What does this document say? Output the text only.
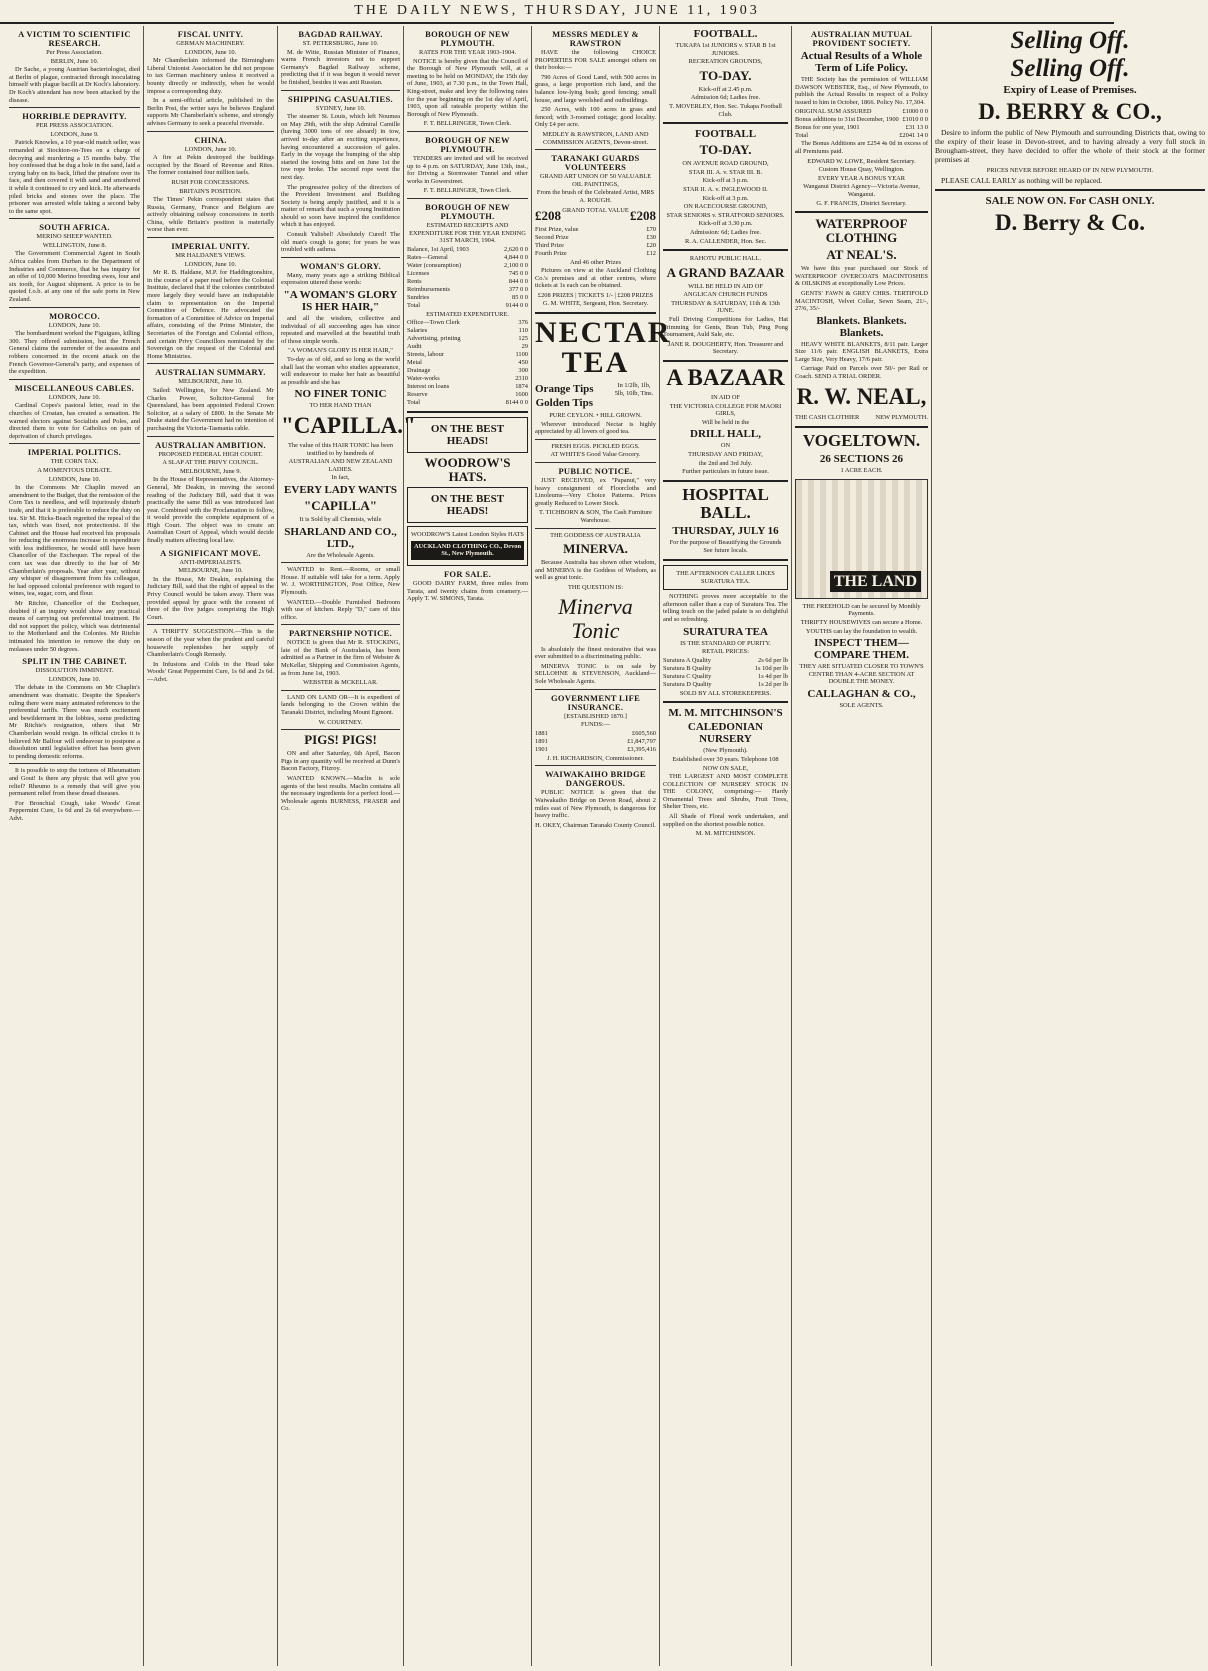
THE DAILY NEWS, THURSDAY, JUNE 11, 1903
A VICTIM TO SCIENTIFIC RESEARCH.
Per Press Association.
BERLIN, June 10.

Dr Sache, a young Austrian bacteriologist, died at Berlin of plague, contracted through inoculating himself with plague bacilli at Dr Koch's laboratory. Dr Koch's attendant has now been attacked by the disease.

HORRIBLE DEPRAVITY.
PER PRESS ASSOCIATION.
LONDON, June 9.

Patrick Knowles, a 10 year-old match seller, was remanded at Stockton-on-Tees on a charge of decoying and murdering a 15 months baby. The boy confessed that he dug a hole in the sand, laid a crying baby on its back, lifted the pinafore over its face, and then covered it with sand and smothered it while it continued to cry and kick. He afterwards piled bricks and stones over the place. The prisoner was arrested while taking a second baby to the same spot.

SOUTH AFRICA.
MERINO SHEEP WANTED.
WELLINGTON, June 8.

The Government Commercial Agent in South Africa cables from Durban to the Department of Industries and Commerce, that he has inquiry for an offer of 10,000 Merino breeding ewes, four and six tooth, for August shipment. A price is to be quoted f.o.b. at any one of the safe ports in New Zealand.

MOROCCO.
LONDON, June 10.

The bombardment worked the Figuigues, killing 300. They offered submission, but the French General claims the surrender of the assassins and robbers concerned in the recent attack on the French Governor-General's party, and expenses of the expedition.

MISCELLANEOUS CABLES.
LONDON, June 10.

Cardinal Copes's pastoral letter, read in the churches of Croatan, has created a sensation. He warned electors against Socialists and Poles, and directed them to vote for Catholics on pain of deprivation of church privileges.

IMPERIAL POLITICS.
THE CORN TAX.
A MOMENTOUS DEBATE.
LONDON, June 10.

In the Commons Mr Chaplin moved an amendment to the Budget, that the remission of the Corn Tax is needless, and will injuriously disturb trade, and that it is preferable to reduce the duty on tea. Sir M. Hicks-Beach regretted the repeal of the tax, which was fixed, not protectionist. If the Cabinet and the House had received his proposals for reducing the enormous increase in expenditure with less indifference, he would still have been Chancellor of the Exchequer. The repeal of the corn tax was due directly to the bar of Mr Chamberlain's proposals. Year after year, without any whisper of disagreement from his colleague, he had opposed colonial preference with regard to wines, tea, sugar, corn, and flour.

Mr Ritchie, Chancellor of the Exchequer, doubted if an inquiry would show any practical means of carrying out preferential treatment. He did not support the policy, which was detrimental to the Motherland and the Colonies. Mr Ritchie intimated his intention to remove the duty on molasses under 50 degrees.

SPLIT IN THE CABINET.
DISSOLUTION IMMINENT.
LONDON, June 10.

The debate in the Commons on Mr Chaplin's amendment was dramatic. Despite the Speaker's ruling there were many animated references to the preferential tariffs. There was much excitement and bewilderment in the lobbies, some predicting Mr Ritchie's resignation, others that Mr Chamberlain would resign. In official circles it is believed Mr Balfour will endeavour to postpone a dissolution until legislative effort has been given to pending domestic reforms.

It is possible to stop the tortures of Rheumatism and Gout! Is there any physic that will give you relief? Rheumo is a remedy that will give you permanent relief from these dread diseases.

For Bronchial Cough, take Woods' Great Peppermint Cure, 1s 6d and 2s 6d everywhere.—Advt.

FISCAL UNITY.
GERMAN MACHINERY.
LONDON, June 10.

Mr Chamberlain informed the Birmingham Liberal Unionist Association he did not propose to tax German machinery unless it received a bounty directly or indirectly, when he would impose a corresponding duty.

In a semi-official article, published in the Berlin Post, the writer says he believes England supports Mr Chamberlain's scheme, and strongly advises Germany to seek a peaceful riverside.

CHINA.
LONDON, June 10.

A fire at Pekin destroyed the buildings occupied by the Board of Revenue and Rites. The former contained four million taels.

RUSH FOR CONCESSIONS.
BRITAIN'S POSITION.

The Times' Pekin correspondent states that Russia, Germany, France and Belgium are actively obtaining railway concessions in north China, while Britain's position is materially worse than ever.

IMPERIAL UNITY.
MR HALDANE'S VIEWS.
LONDON, June 10.

Mr R. B. Haldane, M.P. for Haddingtonshire, in the course of a paper read before the Colonial Institute, declared that if the colonies contributed more largely they would have an indisputable claim to representation on the Imperial Committee of Defence. He advocated the formation of a Committee of Advice on Imperial affairs, consisting of the Prime Minister, the Secretaries of the Foreign and Colonial offices, and certain Privy Councillors nominated by the Sovereign on the request of the Colonial and Home Ministries.

AUSTRALIAN SUMMARY.
MELBOURNE, June 10.

Sailed: Wellington, for New Zealand. Mr Charles Power, Solicitor-General for Queensland, has been appointed Federal Crown Solicitor, at a salary of £800. In the Senate Mr Drake stated the Government had no intention of purchasing the Victoria-Tasmania cable.

AUSTRALIAN AMBITION.
PROPOSED FEDERAL HIGH COURT.
A SLAP AT THE PRIVY COUNCIL.
MELBOURNE, June 9.

In the House of Representatives, the Attorney-General, Mr Deakin, in moving the second reading of the Judiciary Bill, said that it was practically the same Bill as was introduced last year. Combined with the Proclamation to follow, it would provide the complete equipment of a High Court. The object was to create an Australian Court of Appeal, which would decide finally matters affecting local law.

A SIGNIFICANT MOVE.
ANTI-IMPERIALISTS.
MELBOURNE, June 10.

In the House, Mr Deakin, explaining the Judiciary Bill, said that the right of appeal to the Privy Council would be taken away. There was provided appeal by grace with the consent of three of the five judges comprising the High Court.

A THRIFTY SUGGESTION.—This is the season of the year when the prudent and careful housewife replenishes her supply of Chamberlain's Cough Remedy.

In Infusions and Colds in the Head take Woods' Great Peppermint Cure, 1s 6d and 2s 6d.—Advt.

BAGDAD RAILWAY.
ST. PETERSBURG, June 10.

M. de Witte, Russian Minister of Finance, warns French investors not to support Germany's Bagdad Railway scheme, predicting that if it was begun it would never be finished, besides it was anti Russian.

SHIPPING CASUALTIES.
SYDNEY, June 10.

The steamer St. Louis, which left Noumea on May 29th, with the ship Admiral Camille (having 3000 tons of ore aboard) in tow, arrived to-day after an exciting experience, having encountered a succession of gales. Early in the voyage the bumping of the ship started the towing bitts and on June 1st the tow rope broke. The second rope went the next day.

The progressive policy of the directors of the Provident Investment and Building Society is being amply justified, and it is a matter of remark that such a young Institution should so soon have inspired the confidence which it has enjoyed.

Consult Yalisbel! Absolutely Cured! The old man's cough is gone; for years he was troubled with asthma.

WOMAN'S GLORY.

Many, many years ago a striking Biblical expression uttered these words:

"A WOMAN'S GLORY IS HER HAIR,"

and all the wisdom, collective and individual of all succeeding ages has since repeated and marvelled at the beautiful truth of those simple words.

"A WOMAN'S GLORY IS HER HAIR,"

To-day as of old, and so long as the world shall last the woman who studies appearance, will endeavour to make her hair as beautiful as possible and she has

NO FINER TONIC
TO HER HAND THAN
"CAPILLA."
The value of this HAIR TONIC has been testified to by hundreds of
AUSTRALIAN AND NEW ZEALAND LADIES.
In fact,
EVERY LADY WANTS
"CAPILLA"
It is Sold by all Chemists, while
SHARLAND AND CO., LTD.,
Are the Wholesale Agents.

WANTED to Rent.—Rooms, or small House. If suitable will take for a term. Apply W. J. WORTHINGTON, Post Office, New Plymouth.

WANTED.—Double Furnished Bedroom with use of kitchen. Reply "D," care of this office.

PARTNERSHIP NOTICE.

NOTICE is given that Mr R. STOCKING, late of the Bank of Australasia, has been admitted as a Partner in the firm of Webster & McKellar, Shipping and Commission Agents, as from June 1st, 1903.

WEBSTER & MCKELLAR.

LAND ON LAND OR—It is expedient of lands belonging to the Crown within the Taranaki District, including Mount Egmont.

W. COURTNEY.
PIGS! PIGS!

ON and after Saturday, 6th April, Bacon Pigs in any quantity will be received at Dunn's Bacon Factory, Fitzroy.

WANTED KNOWN.—Maclin is sole agents of the best results. Maclin contains all the necessary ingredients for a perfect food.—Wholesale agents BURNESS, FRASER and Co.

BOROUGH OF NEW PLYMOUTH.
RATES FOR THE YEAR 1903-1904.

NOTICE is hereby given that the Council of the Borough of New Plymouth will, at a meeting to be held on MONDAY, the 15th day of June, 1903, at 7.30 p.m., in the Town Hall, King-street, make and levy the following rates for the year beginning on the 1st day of April, 1903, upon all rateable property within the Borough of New Plymouth.

F. T. BELLRINGER, Town Clerk.
BOROUGH OF NEW PLYMOUTH.

TENDERS are invited and will be received up to 4 p.m. on SATURDAY, June 13th, inst., for Driving a Stormwater Tunnel and other works in Gowerstreet.

F. T. BELLRINGER, Town Clerk.
BOROUGH OF NEW PLYMOUTH.
ESTIMATED RECEIPTS AND EXPENDITURE FOR THE YEAR ENDING 31ST MARCH, 1904.
Balance, 1st April, 1903	2,620 0 0
Rates—General	4,844 0 0
Water (consumption)	2,100 0 0
Licenses	745 0 0
Rents	844 0 0
Reimbursements	377 0 0
Sundries	85 0 0
Total	9144 0 0
ESTIMATED EXPENDITURE.
Office—Town Clerk	376
Salaries	110
Advertising, printing	125
Audit	29
Streets, labour	1100
Metal	450
Drainage	300
Water-works	2310
Interest on loans	1874
Reserve	1600
Total	8144 0 0
ON THE BEST HEADS!
WOODROW'S HATS.
ON THE BEST HEADS!
WOODROW'S Latest London Styles HATS
AUCKLAND CLOTHING CO., Devon St., New Plymouth.
FOR SALE.

GOOD DAIRY FARM, three miles from Tarata, and twenty chains from creamery.—Apply T. W. SIMONS, Tarata.

MESSRS MEDLEY & RAWSTRON

HAVE the following CHOICE PROPERTIES FOR SALE amongst others on their books:—

790 Acres of Good Land, with 500 acres in grass, a large proportion rich land, and the balance low-lying bush; good fencing; small house, and large woolshed and outbuildings.

250 Acres, with 100 acres in grass and fenced; with 3-roomed cottage; good locality. Only £4 per acre.

MEDLEY & RAWSTRON, LAND AND COMMISSION AGENTS, Devon-street.
TARANAKI GUARDS VOLUNTEERS
GRAND ART UNION OF 50 VALUABLE OIL PAINTINGS,
From the brush of the Celebrated Artist, MRS A. ROUGH.
£208 GRAND TOTAL VALUE £208
First Prize, value	£70
Second Prize	£30
Third Prize	£20
Fourth Prize	£12
And 46 other Prizes

Pictures on view at the Auckland Clothing Co.'s premises and at other centres, where tickets at 1s each can be obtained.

£208 PRIZES | TICKETS 1/- | £208 PRIZES
G. M. WHITE, Sergeant, Hon. Secretary.
NECTAR TEA
Orange Tips
Golden Tips
In 1/2lb, 1lb, 5lb, 10lb, Tins.
PURE CEYLON. • HILL GROWN.

Wherever introduced Nectar is highly appreciated by all lovers of good tea.

FRESH EGGS. PICKLED EGGS.
AT WHITE'S Good Value Grocery.
PUBLIC NOTICE.

JUST RECEIVED, ex "Papanui," very heavy consignment of Floorcloths and Linoleums—Very Choice Patterns. Prices greatly Reduced to Lower Stock.

T. TICHBORN & SON, The Cash Furniture Warehouse.
THE GODDESS OF AUSTRALIA
MINERVA.

Because Australia has shown other wisdom, and MINERVA is the Goddess of Wisdom, as well as great tonic.

THE QUESTION IS:
Minerva Tonic

Is absolutely the finest restorative that was ever submitted to a discriminating public.

MINERVA TONIC is on sale by SELLOHNE & STEVENSON, Auckland—Sole Wholesale Agents.

GOVERNMENT LIFE INSURANCE.
[ESTABLISHED 1870.]
FUNDS:—
1881	£605,560
1891	£1,847,797
1901	£3,395,416
J. H. RICHARDSON, Commissioner.
WAIWAKAIHO BRIDGE DANGEROUS.

PUBLIC NOTICE is given that the Waiwakaiho Bridge on Devon Road, about 2 miles east of New Plymouth, is dangerous for heavy traffic.

H. OKEY, Chairman Taranaki County Council.
FOOTBALL.
TUKAPA 1st JUNIORS v. STAR B 1st JUNIORS.
RECREATION GROUNDS,
TO-DAY.
Kick-off at 2.45 p.m.
Admission 6d; Ladies free.
T. MOVERLEY, Hon. Sec. Tukapa Football Club.
FOOTBALL
TO-DAY.
ON AVENUE ROAD GROUND,
STAR III. A. v. STAR III. B.
Kick-off at 3 p.m.
STAR II. A. v. INGLEWOOD II.
Kick-off at 3 p.m.
ON RACECOURSE GROUND,
STAR SENIORS v. STRATFORD SENIORS.
Kick-off at 3.30 p.m.
Admission: 6d; Ladies free.
R. A. CALLENDER, Hon. Sec.
RAHOTU PUBLIC HALL.
A GRAND BAZAAR
WILL BE HELD IN AID OF
ANGLICAN CHURCH FUNDS
THURSDAY & SATURDAY, 11th & 13th JUNE.

Full Driving Competitions for Ladies, Hat Trimming for Gents, Bran Tub, Ping Pong Tournament, Auld Sale, etc.

JANE R. DOUGHERTY, Hon. Treasurer and Secretary.
A BAZAAR
IN AID OF
THE VICTORIA COLLEGE FOR MAORI GIRLS,
Will be held in the
DRILL HALL,
ON
THURSDAY AND FRIDAY,
the 2nd and 3rd July.
Further particulars in future issue.
HOSPITAL BALL.
THURSDAY, JULY 16
For the purpose of Beautifying the Grounds
See future locals.
THE AFTERNOON CALLER LIKES SURATURA TEA.

NOTHING proves more acceptable to the afternoon caller than a cup of Suratura Tea. The telling touch on the jaded palate is so delightful and so refreshing.

SURATURA TEA
IS THE STANDARD OF PURITY.
RETAIL PRICES:
Suratura A Quality	2s 6d per lb
Suratura B Quality	1s 10d per lb
Suratura C Quality	1s 4d per lb
Suratura D Quality	1s 2d per lb
SOLD BY ALL STOREKEEPERS.
M. M. MITCHINSON'S
CALEDONIAN NURSERY
(New Plymouth).
Established over 30 years. Telephone 108
NOW ON SALE,

THE LARGEST AND MOST COMPLETE COLLECTION OF NURSERY STOCK IN THE COLONY, comprising:— Hardy Ornamental Trees and Shrubs, Fruit Trees, Shelter Trees, etc.

All Shade of Floral work undertaken, and supplied on the shortest possible notice.

M. M. MITCHINSON.
AUSTRALIAN MUTUAL PROVIDENT SOCIETY.
Actual Results of a Whole Term of Life Policy.

THE Society has the permission of WILLIAM DAWSON WEBSTER, Esq., of New Plymouth, to publish the Actual Results in respect of a Policy issued to him in October, 1866. Policy No. 17,304.

ORIGINAL SUM ASSURED	£1000 0 0
Bonus additions to 31st December, 1900 £1010 0 0
Bonus for one year, 1901	£31 13 0
Total	£2041 14 0

The Bonus Additions are £254 4s 0d in excess of all Premiums paid.

EDWARD W. LOWE, Resident Secretary.
Custom House Quay, Wellington.
EVERY YEAR A BONUS YEAR
Wanganui District Agency—Victoria Avenue, Wanganui.
G. F. FRANCIS, District Secretary.
WATERPROOF CLOTHING
AT NEAL'S.

We have this year purchased our Stock of WATERPROOF OVERCOATS MACINTOSHES & OILSKINS at exceptionally Low Prices.

GENTS' FAWN & GREY CHRS. TERTIFOLD MACINTOSH, Velvet Collar, Sewn Seam, 21/-, 27/6, 35/-

Blankets. Blankets. Blankets.

HEAVY WHITE BLANKETS, 8/11 pair. Larger Size 11/6 pair. ENGLISH BLANKETS, Extra Large Size, Very Heavy, 17/6 pair.

Carriage Paid on Parcels over 50/- per Rail or Coach. SEND A TRIAL ORDER.

R. W. NEAL,
THE CASH CLOTHIER	NEW PLYMOUTH.
VOGELTOWN.
26 SECTIONS 26
1 ACRE EACH.
THE LAND
THE FREEHOLD can be secured by Monthly Payments.
THRIFTY HOUSEWIVES can secure a Home.
YOUTHS can lay the foundation to wealth.
INSPECT THEM—COMPARE THEM.
THEY ARE SITUATED CLOSER TO TOWN'S CENTRE THAN 4-ACRE SECTION AT DOUBLE THE MONEY.
CALLAGHAN & CO.,
SOLE AGENTS.
Selling Off.
Selling Off.
Expiry of Lease of Premises.
D. BERRY & CO.,

Desire to inform the public of New Plymouth and surrounding Districts that, owing to the expiry of their lease in Devon-street, and to having already a very full stock in Brougham-street, they have decided to offer the whole of their stock at the former premises at

PRICES NEVER BEFORE HEARD OF IN NEW PLYMOUTH.

PLEASE CALL EARLY as nothing will be replaced.

SALE NOW ON. For CASH ONLY.
D. Berry & Co.
